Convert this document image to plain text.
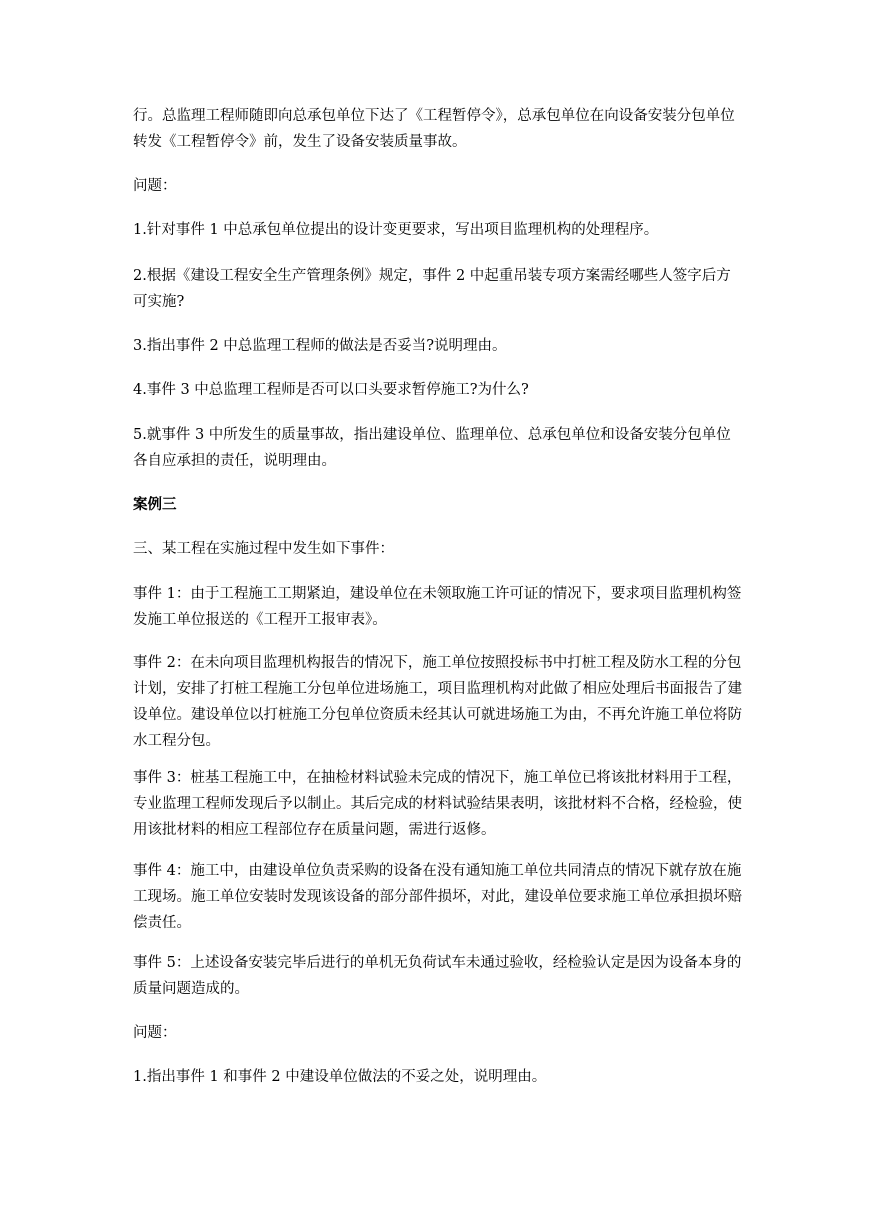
行。总监理工程师随即向总承包单位下达了《工程暂停令》，总承包单位在向设备安装分包单位转发《工程暂停令》前，发生了设备安装质量事故。

问题：

1.针对事件 1 中总承包单位提出的设计变更要求，写出项目监理机构的处理程序。

2.根据《建设工程安全生产管理条例》规定，事件 2 中起重吊装专项方案需经哪些人签字后方可实施?

3.指出事件 2 中总监理工程师的做法是否妥当?说明理由。

4.事件 3 中总监理工程师是否可以口头要求暂停施工?为什么?

5.就事件 3 中所发生的质量事故，指出建设单位、监理单位、总承包单位和设备安装分包单位各自应承担的责任，说明理由。

案例三

三、某工程在实施过程中发生如下事件：

事件 1：由于工程施工工期紧迫，建设单位在未领取施工许可证的情况下，要求项目监理机构签发施工单位报送的《工程开工报审表》。

事件 2：在未向项目监理机构报告的情况下，施工单位按照投标书中打桩工程及防水工程的分包计划，安排了打桩工程施工分包单位进场施工，项目监理机构对此做了相应处理后书面报告了建设单位。建设单位以打桩施工分包单位资质未经其认可就进场施工为由，不再允许施工单位将防水工程分包。

事件 3：桩基工程施工中，在抽检材料试验未完成的情况下，施工单位已将该批材料用于工程，专业监理工程师发现后予以制止。其后完成的材料试验结果表明，该批材料不合格，经检验，使用该批材料的相应工程部位存在质量问题，需进行返修。

事件 4：施工中，由建设单位负责采购的设备在没有通知施工单位共同清点的情况下就存放在施工现场。施工单位安装时发现该设备的部分部件损坏，对此，建设单位要求施工单位承担损坏赔偿责任。

事件 5：上述设备安装完毕后进行的单机无负荷试车未通过验收，经检验认定是因为设备本身的质量问题造成的。

问题：

1.指出事件 1 和事件 2 中建设单位做法的不妥之处，说明理由。
